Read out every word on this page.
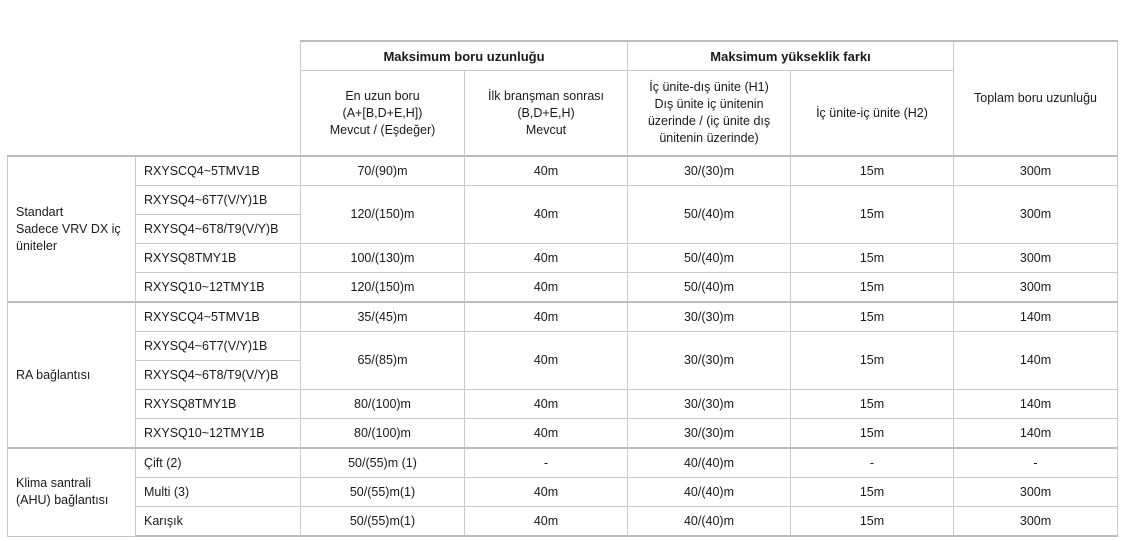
		Maksimum boru uzunluğu		Maksimum yükseklik farkı		Toplam boru uzunluğu
		En uzun boru
(A+[B,D+E,H])
Mevcut / (Eşdeğer)	İlk branşman sonrası
(B,D+E,H)
Mevcut	İç ünite-dış ünite (H1)
Dış ünite iç ünitenin
üzerinde / (iç ünite dış
ünitenin üzerinde)	İç ünite-iç ünite (H2)	
Standart
Sadece VRV DX iç
üniteler	RXYSCQ4~5TMV1B	70/(90)m	40m	30/(30)m	15m	300m
	RXYSQ4~6T7(V/Y)1B	120/(150)m	40m	50/(40)m	15m	300m
	RXYSQ4~6T8/T9(V/Y)B					
	RXYSQ8TMY1B	100/(130)m	40m	50/(40)m	15m	300m
	RXYSQ10~12TMY1B	120/(150)m	40m	50/(40)m	15m	300m
RA bağlantısı	RXYSCQ4~5TMV1B	35/(45)m	40m	30/(30)m	15m	140m
	RXYSQ4~6T7(V/Y)1B	65/(85)m	40m	30/(30)m	15m	140m
	RXYSQ4~6T8/T9(V/Y)B					
	RXYSQ8TMY1B	80/(100)m	40m	30/(30)m	15m	140m
	RXYSQ10~12TMY1B	80/(100)m	40m	30/(30)m	15m	140m
Klima santrali
(AHU) bağlantısı	Çift (2)	50/(55)m (1)	-	40/(40)m	-	-
	Multi (3)	50/(55)m(1)	40m	40/(40)m	15m	300m
	Karışık	50/(55)m(1)	40m	40/(40)m	15m	300m
